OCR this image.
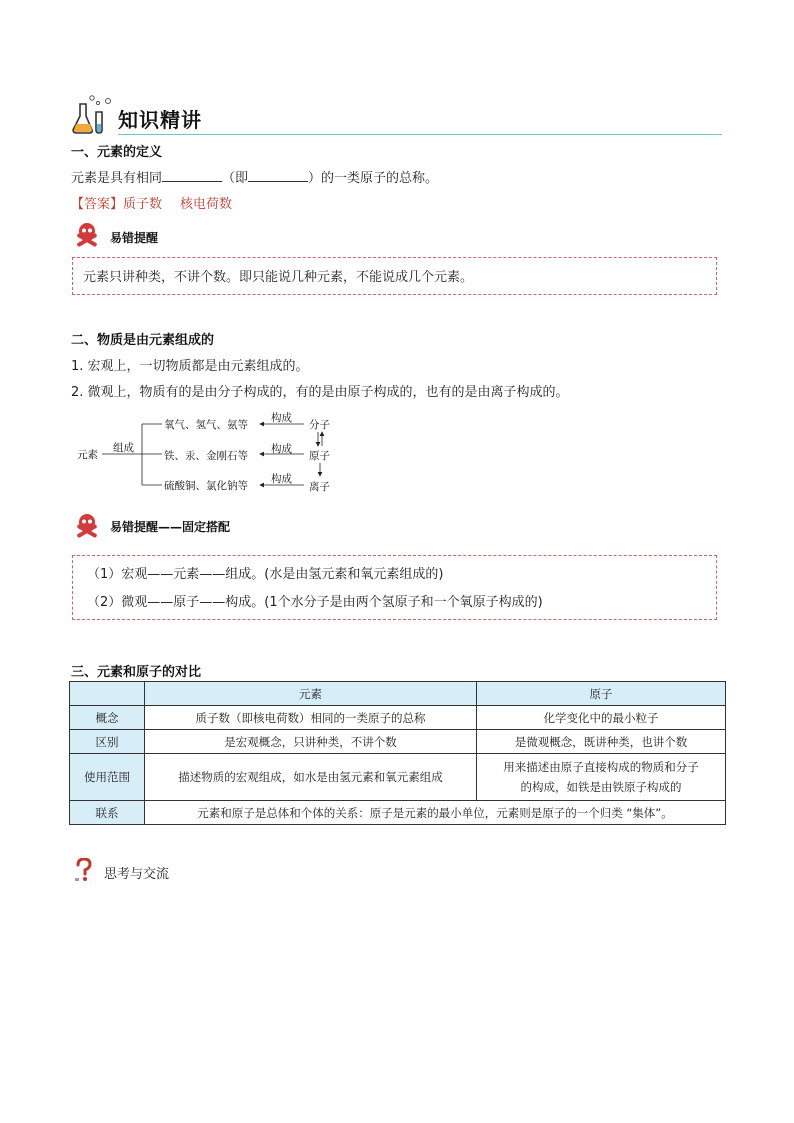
知识精讲
一、元素的定义
元素是具有相同	（即	）的一类原子的总称。
【答案】质子数 核电荷数
易错提醒
元素只讲种类，不讲个数。即只能说几种元素，不能说成几个元素。
二、物质是由元素组成的
1. 宏观上，一切物质都是由元素组成的。
2. 微观上，物质有的是由分子构成的，有的是由原子构成的，也有的是由离子构成的。
元素
组成
氧气、氢气、氨等
铁、汞、金刚石等
硫酸铜、氯化钠等
构成
构成
构成
分子
原子
离子
易错提醒——固定搭配
（1）宏观——元素——组成。(水是由氢元素和氧元素组成的)
（2）微观——原子——构成。(1个水分子是由两个氢原子和一个氧原子构成的)
三、元素和原子的对比
	元素	原子
概念	质子数（即核电荷数）相同的一类原子的总称	化学变化中的最小粒子
区别	是宏观概念，只讲种类，不讲个数	是微观概念，既讲种类，也讲个数
使用范围	描述物质的宏观组成，如水是由氢元素和氧元素组成	用来描述由原子直接构成的物质和分子
的构成，如铁是由铁原子构成的

联系	元素和原子是总体和个体的关系：原子是元素的最小单位，元素则是原子的一个归类 “集体”。	
思考与交流
